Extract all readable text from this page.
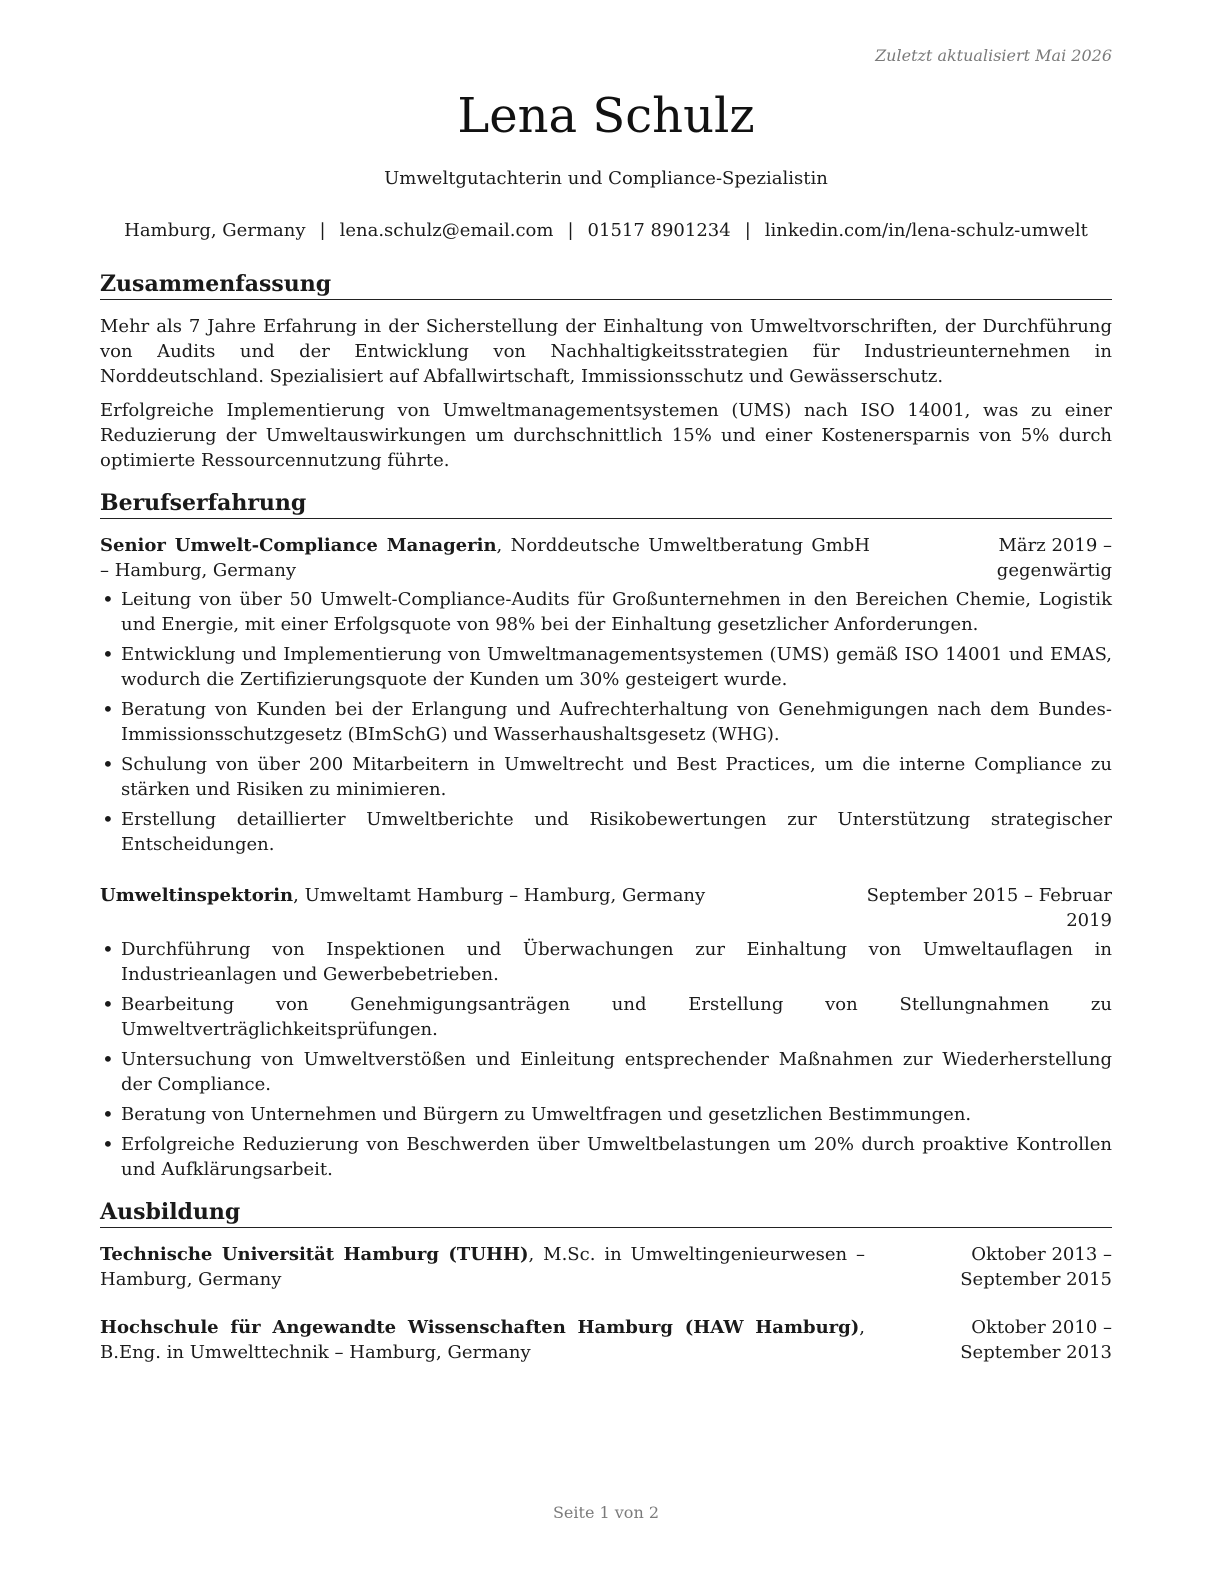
Zuletzt aktualisiert Mai 2026
Lena Schulz
Umweltgutachterin und Compliance-Spezialistin
Hamburg, Germany | lena.schulz@email.com | 01517 8901234 | linkedin.com/in/lena-schulz-umwelt
Zusammenfassung

Mehr als 7 Jahre Erfahrung in der Sicherstellung der Einhaltung von Umweltvorschriften, der Durchführung von Audits und der Entwicklung von Nachhaltigkeitsstrategien für Industrieunternehmen in Norddeutschland. Spezialisiert auf Abfallwirtschaft, Immissionsschutz und Gewässerschutz.

Erfolgreiche Implementierung von Umweltmanagementsystemen (UMS) nach ISO 14001, was zu einer Reduzierung der Umweltauswirkungen um durchschnittlich 15% und einer Kostenersparnis von 5% durch optimierte Ressourcennutzung führte.

Berufserfahrung
Senior Umwelt-Compliance Managerin, Norddeutsche Umweltberatung GmbH – Hamburg, Germany
März 2019 – gegenwärtig
• Leitung von über 50 Umwelt-Compliance-Audits für Großunternehmen in den Bereichen Chemie, Logistik und Energie, mit einer Erfolgsquote von 98% bei der Einhaltung gesetzlicher Anforderungen.
• Entwicklung und Implementierung von Umweltmanagementsystemen (UMS) gemäß ISO 14001 und EMAS, wodurch die Zertifizierungsquote der Kunden um 30% gesteigert wurde.
• Beratung von Kunden bei der Erlangung und Aufrechterhaltung von Genehmigungen nach dem Bundes-Immissionsschutzgesetz (BImSchG) und Wasserhaushaltsgesetz (WHG).
• Schulung von über 200 Mitarbeitern in Umweltrecht und Best Practices, um die interne Compliance zu stärken und Risiken zu minimieren.
• Erstellung detaillierter Umweltberichte und Risikobewertungen zur Unterstützung strategischer Entscheidungen.
Umweltinspektorin, Umweltamt Hamburg – Hamburg, Germany	September 2015 – Februar 2019
• Durchführung von Inspektionen und Überwachungen zur Einhaltung von Umweltauflagen in Industrieanlagen und Gewerbebetrieben.
• Bearbeitung von Genehmigungsanträgen und Erstellung von Stellungnahmen zu Umweltverträglichkeitsprüfungen.
• Untersuchung von Umweltverstößen und Einleitung entsprechender Maßnahmen zur Wiederherstellung der Compliance.
• Beratung von Unternehmen und Bürgern zu Umweltfragen und gesetzlichen Bestimmungen.
• Erfolgreiche Reduzierung von Beschwerden über Umweltbelastungen um 20% durch proaktive Kontrollen und Aufklärungsarbeit.
Ausbildung
Technische Universität Hamburg (TUHH), M.Sc. in Umweltingenieurwesen – Hamburg, Germany
Oktober 2013 – September 2015
Hochschule für Angewandte Wissenschaften Hamburg (HAW Hamburg), B.Eng. in Umwelttechnik – Hamburg, Germany
Oktober 2010 – September 2013
Seite 1 von 2
